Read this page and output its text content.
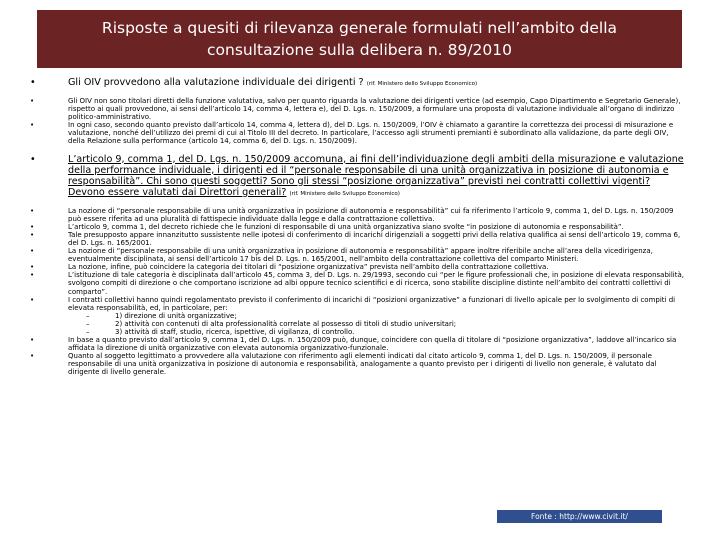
Risposte a quesiti di rilevanza generale formulati nell’ambito della consultazione sulla delibera n. 89/2010
• Gli OIV provvedono alla valutazione individuale dei dirigenti ? (rif. Ministero dello Sviluppo Economico)
• Gli OIV non sono titolari diretti della funzione valutativa, salvo per quanto riguarda la valutazione dei dirigenti vertice (ad esempio, Capo Dipartimento e Segretario Generale), rispetto ai quali provvedono, ai sensi dell’articolo 14, comma 4, lettera e), del D. Lgs. n. 150/2009, a formulare una proposta di valutazione individuale all’organo di indirizzo politico-amministrativo.
• In ogni caso, secondo quanto previsto dall’articolo 14, comma 4, lettera d), del D. Lgs. n. 150/2009, l’OIV è chiamato a garantire la correttezza dei processi di misurazione e valutazione, nonché dell’utilizzo dei premi di cui al Titolo III del decreto. In particolare, l’accesso agli strumenti premianti è subordinato alla validazione, da parte degli OIV, della Relazione sulla performance (articolo 14, comma 6, del D. Lgs. n. 150/2009).
• L’articolo 9, comma 1, del D. Lgs. n. 150/2009 accomuna, ai fini dell’individuazione degli ambiti della misurazione e valutazione della performance individuale, i dirigenti ed il “personale responsabile di una unità organizzativa in posizione di autonomia e responsabilità”. Chi sono questi soggetti? Sono gli stessi “posizione organizzativa” previsti nei contratti collettivi vigenti? Devono essere valutati dai Direttori generali? (rif. Ministero dello Sviluppo Economico)
• La nozione di “personale responsabile di una unità organizzativa in posizione di autonomia e responsabilità” cui fa riferimento l’articolo 9, comma 1, del D. Lgs. n. 150/2009 può essere riferita ad una pluralità di fattispecie individuate dalla legge e dalla contrattazione collettiva.
• L’articolo 9, comma 1, del decreto richiede che le funzioni di responsabile di una unità organizzativa siano svolte “in posizione di autonomia e responsabilità”.
• Tale presupposto appare innanzitutto sussistente nelle ipotesi di conferimento di incarichi dirigenziali a soggetti privi della relativa qualifica ai sensi dell’articolo 19, comma 6, del D. Lgs. n. 165/2001.
• La nozione di “personale responsabile di una unità organizzativa in posizione di autonomia e responsabilità” appare inoltre riferibile anche all’area della vicedirigenza, eventualmente disciplinata, ai sensi dell’articolo 17 bis del D. Lgs. n. 165/2001, nell’ambito della contrattazione collettiva del comparto Ministeri.
• La nozione, infine, può coincidere la categoria dei titolari di “posizione organizzativa” prevista nell’ambito della contrattazione collettiva.
• L’istituzione di tale categoria è disciplinata dall’articolo 45, comma 3, del D. Lgs. n. 29/1993, secondo cui “per le figure professionali che, in posizione di elevata responsabilità, svolgono compiti di direzione o che comportano iscrizione ad albi oppure tecnico scientifici e di ricerca, sono stabilite discipline distinte nell’ambito dei contratti collettivi di comparto”.
• I contratti collettivi hanno quindi regolamentato previsto il conferimento di incarichi di “posizioni organizzative” a funzionari di livello apicale per lo svolgimento di compiti di elevata responsabilità, ed, in particolare, per:
– 1) direzione di unità organizzative;
– 2) attività con contenuti di alta professionalità correlate al possesso di titoli di studio universitari;
– 3) attività di staff, studio, ricerca, ispettive, di vigilanza, di controllo.
• In base a quanto previsto dall’articolo 9, comma 1, del D. Lgs. n. 150/2009 può, dunque, coincidere con quella di titolare di “posizione organizzativa”, laddove all’incarico sia affidata la direzione di unità organizzative con elevata autonomia organizzativo-funzionale.
• Quanto al soggetto legittimato a provvedere alla valutazione con riferimento agli elementi indicati dal citato articolo 9, comma 1, del D. Lgs. n. 150/2009, il personale responsabile di una unità organizzativa in posizione di autonomia e responsabilità, analogamente a quanto previsto per i dirigenti di livello non generale, è valutato dal dirigente di livello generale.
Fonte : http://www.civit.it/
